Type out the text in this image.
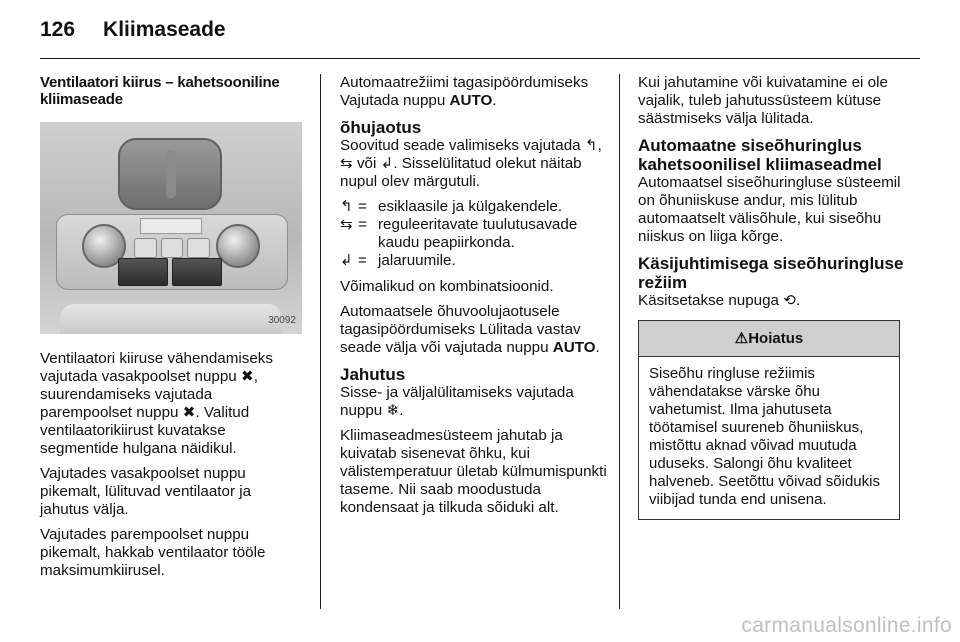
126 Kliimaseade
Ventilaatori kiirus – kahetsooniline kliimaseade
30092

Ventilaatori kiiruse vähendamiseks vajutada vasakpoolset nuppu ✖, suurendamiseks vajutada parempoolset nuppu ✖. Valitud ventilaatorikiirust kuvatakse segmentide hulgana näidikul.

Vajutades vasakpoolset nuppu pikemalt, lülituvad ventilaator ja jahutus välja.

Vajutades parempoolset nuppu pikemalt, hakkab ventilaator tööle maksimumkiirusel.

Automaatrežiimi tagasipöördumiseks Vajutada nuppu AUTO.

õhujaotus

Soovitud seade valimiseks vajutada ↰, ⇆ või ↲. Sisselülitatud olekut näitab nupul olev märgutuli.

↰ = esiklaasile ja külgakendele.
⇆ = reguleeritavate tuulutusavade kaudu peapiirkonda.
↲ = jalaruumile.

Võimalikud on kombinatsioonid.

Automaatsele õhuvoolujaotusele tagasipöördumiseks Lülitada vastav seade välja või vajutada nuppu AUTO.

Jahutus

Sisse- ja väljalülitamiseks vajutada nuppu ❄.

Kliimaseadmesüsteem jahutab ja kuivatab sisenevat õhku, kui välistemperatuur ületab külmumispunkti taseme. Nii saab moodustuda kondensaat ja tilkuda sõiduki alt.

Kui jahutamine või kuivatamine ei ole vajalik, tuleb jahutussüsteem kütuse säästmiseks välja lülitada.

Automaatne siseõhuringlus kahetsoonilisel kliimaseadmel

Automaatsel siseõhuringluse süsteemil on õhuniiskuse andur, mis lülitub automaatselt välisõhule, kui siseõhu niiskus on liiga kõrge.

Käsijuhtimisega siseõhuringluse režiim

Käsitsetakse nupuga ⟲.

⚠Hoiatus
Siseõhu ringluse režiimis vähendatakse värske õhu vahetumist. Ilma jahutuseta töötamisel suureneb õhuniiskus, mistõttu aknad võivad muutuda uduseks. Salongi õhu kvaliteet halveneb. Seetõttu võivad sõidukis viibijad tunda end unisena.
carmanualsonline.info
